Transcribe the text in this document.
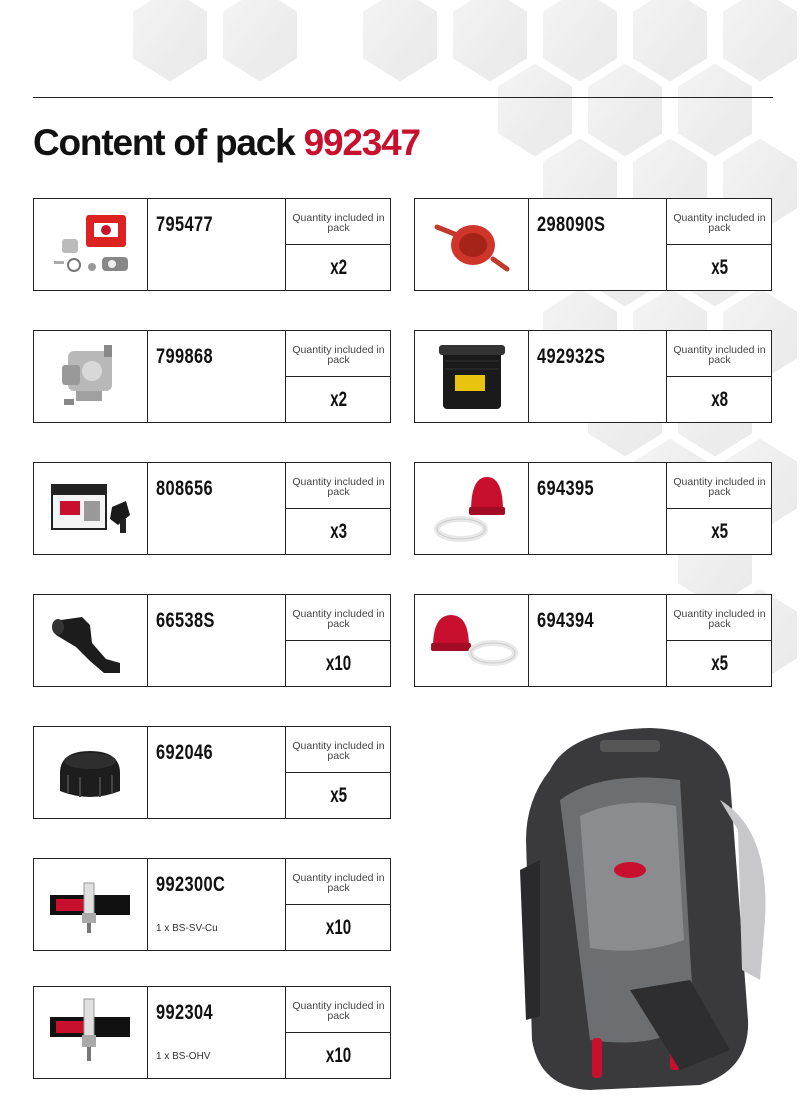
Content of pack 992347
795477	Quantity included in pack
x2
298090S	Quantity included in pack
x5
799868	Quantity included in pack
x2
492932S	Quantity included in pack
x8
808656	Quantity included in pack
x3
694395	Quantity included in pack
x5
66538S	Quantity included in pack
x10
694394	Quantity included in pack
x5
692046	Quantity included in pack
x5
992300C
1 x BS-SV-Cu
Quantity included in pack
x10
992304
1 x BS-OHV
Quantity included in pack
x10
